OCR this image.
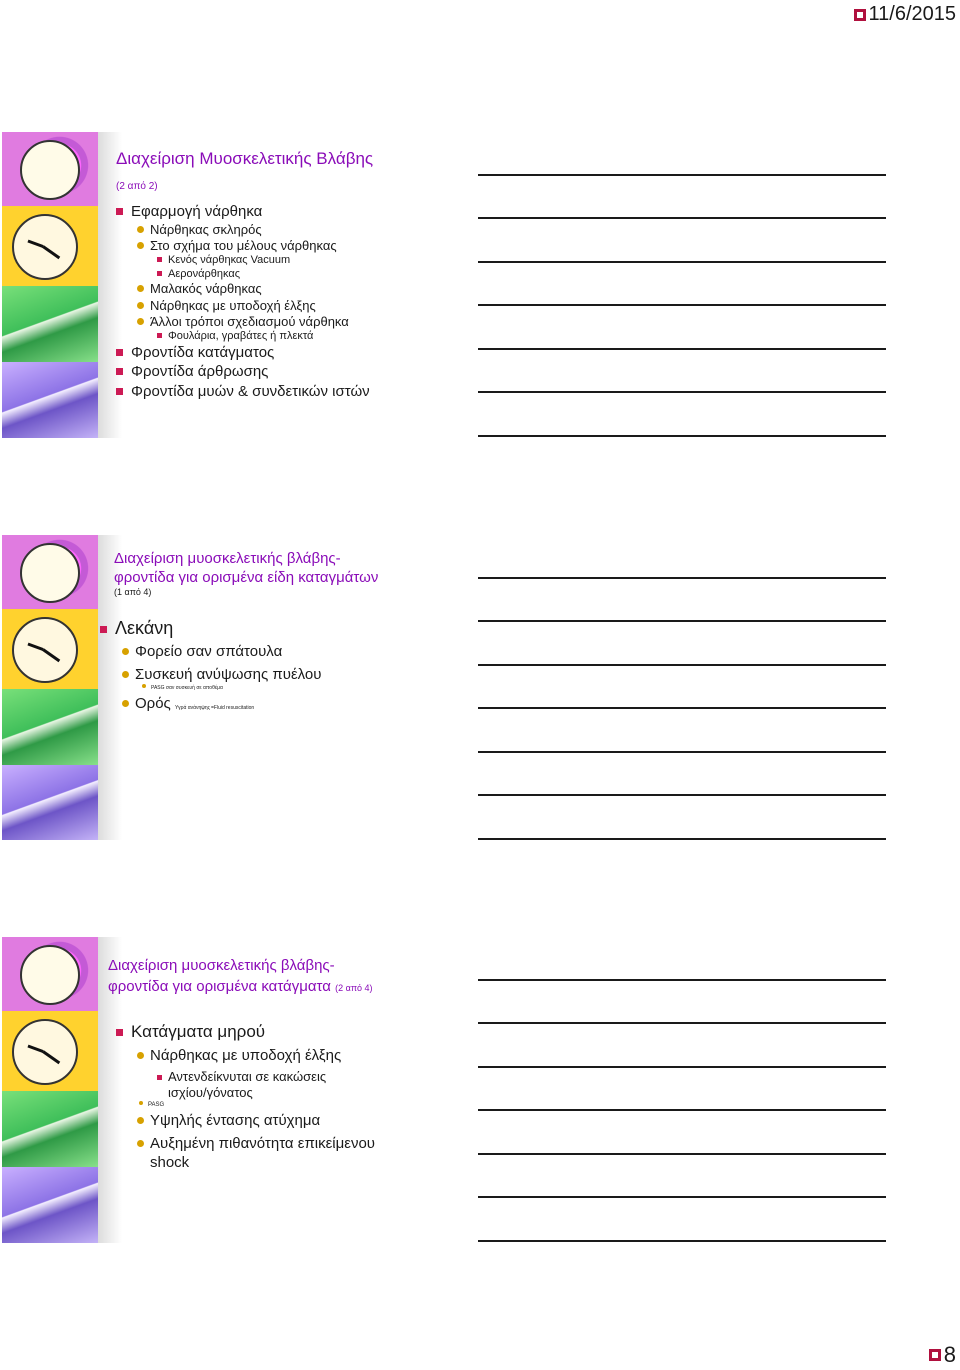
11/6/2015
Διαχείριση Μυοσκελετικής Βλάβης
(2 από 2)
Εφαρμογή νάρθηκα
Νάρθηκας σκληρός
Στο σχήμα του μέλους νάρθηκας
Κενός νάρθηκας Vacuum
Αερονάρθηκας
Μαλακός νάρθηκας
Νάρθηκας με υποδοχή έλξης
Άλλοι τρόποι σχεδιασμού νάρθηκα
Φουλάρια, γραβάτες ή πλεκτά
Φροντίδα κατάγματος
Φροντίδα άρθρωσης
Φροντίδα μυών & συνδετικών ιστών
Διαχείριση μυοσκελετικής βλάβης-
φροντίδα για ορισμένα είδη καταγμάτων
(1 από 4)
Λεκάνη
Φορείο σαν σπάτουλα
Συσκευή ανύψωσης πυέλου
PASG σαν συσκευή σε αποθέμα
Ορός Υγρά ανάνηψης =Fluid resuscitation
Διαχείριση μυοσκελετικής βλάβης-
φροντίδα για ορισμένα κατάγματα (2 από 4)
Κατάγματα μηρού
Νάρθηκας με υποδοχή έλξης
Αντενδείκνυται σε κακώσεις
ισχίου/γόνατος
PASG
Υψηλής έντασης ατύχημα
Αυξημένη πιθανότητα επικείμενου
shock
8
